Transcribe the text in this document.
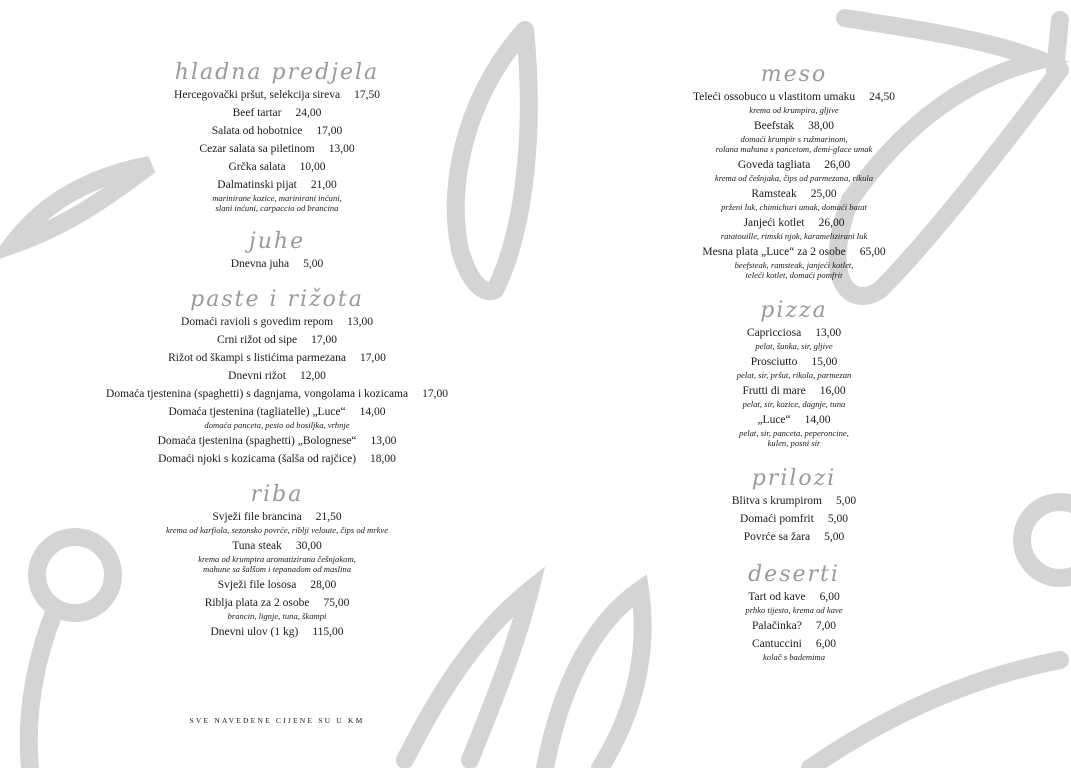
hladna predjela
Hercegovački pršut, selekcija sireva 17,50
Beef tartar 24,00
Salata od hobotnice 17,00
Cezar salata sa piletinom 13,00
Grčka salata 10,00
Dalmatinski pijat 21,00
marinirane kozice, marinirani inćuni,
slani inćuni, carpaccio od brancina
juhe
Dnevna juha 5,00
paste i rižota
Domaći ravioli s govedim repom 13,00
Crni rižot od sipe 17,00
Rižot od škampi s listićima parmezana 17,00
Dnevni rižot 12,00
Domaća tjestenina (spaghetti) s dagnjama, vongolama i kozicama 17,00
Domaća tjestenina (tagliatelle) „Luce“ 14,00
domaća panceta, pesto od bosiljka, vrhnje
Domaća tjestenina (spaghetti) „Bolognese“ 13,00
Domaći njoki s kozicama (šalša od rajčice) 18,00
riba
Svježi file brancina 21,50
krema od karfiola, sezonsko povrće, riblji veloute, čips od mrkve
Tuna steak 30,00
krema od krumpira aromatizirana češnjakom,
mahune sa šalšom i tepanadom od maslina
Svježi file lososa 28,00
Riblja plata za 2 osobe 75,00
brancin, lignje, tuna, škampi
Dnevni ulov (1 kg) 115,00
meso
Teleći ossobuco u vlastitom umaku 24,50
krema od krumpira, gljive
Beefstak 38,00
domaći krumpir s ružmarinom,
rolana mahuna s pancetom, demi-glace umak
Goveda tagliata 26,00
krema od češnjaka, čips od parmezana, rikula
Ramsteak 25,00
prženi luk, chimichuri umak, domaći batat
Janjeći kotlet 26,00
ratatouille, rimski njok, karamelizirani luk
Mesna plata „Luce“ za 2 osobe 65,00
beefsteak, ramsteak, janjeći kotlet,
teleći kotlet, domaći pomfrit
pizza
Capricciosa 13,00
pelat, šunka, sir, gljive
Prosciutto 15,00
pelat, sir, pršut, rikola, parmezan
Frutti di mare 16,00
pelat, sir, kozice, dagnje, tuna
„Luce“ 14,00
pelat, sir, panceta, peperoncine,
kulen, posni sir
prilozi
Blitva s krumpirom 5,00
Domaći pomfrit 5,00
Povrće sa žara 5,00
deserti
Tart od kave 6,00
prhko tijesto, krema od kave
Palačinka? 7,00
Cantuccini 6,00
kolač s bademima
SVE NAVEDENE CIJENE SU U KM
